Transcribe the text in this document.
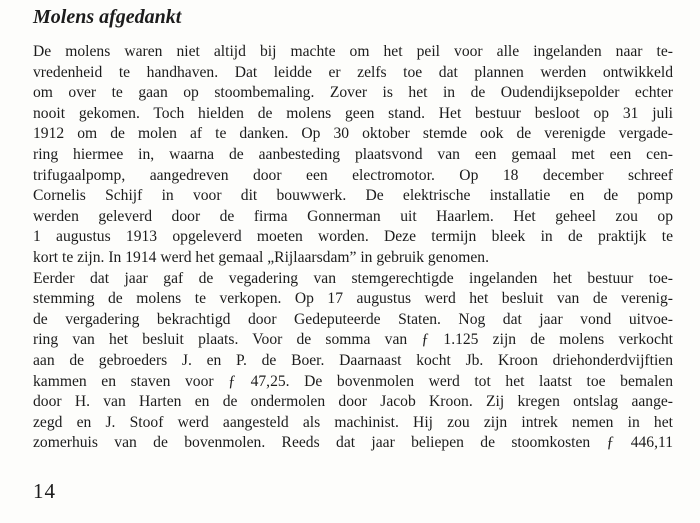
Molens afgedankt
De molens waren niet altijd bij machte om het peil voor alle ingelanden naar te-
vredenheid te handhaven. Dat leidde er zelfs toe dat plannen werden ontwikkeld
om over te gaan op stoombemaling. Zover is het in de Oudendijksepolder echter
nooit gekomen. Toch hielden de molens geen stand. Het bestuur besloot op 31 juli
1912 om de molen af te danken. Op 30 oktober stemde ook de verenigde vergade-
ring hiermee in, waarna de aanbesteding plaatsvond van een gemaal met een cen-
trifugaalpomp, aangedreven door een electromotor. Op 18 december schreef
Cornelis Schijf in voor dit bouwwerk. De elektrische installatie en de pomp
werden geleverd door de firma Gonnerman uit Haarlem. Het geheel zou op
1 augustus 1913 opgeleverd moeten worden. Deze termijn bleek in de praktijk te
kort te zijn. In 1914 werd het gemaal „Rijlaarsdam” in gebruik genomen.
Eerder dat jaar gaf de vegadering van stemgerechtigde ingelanden het bestuur toe-
stemming de molens te verkopen. Op 17 augustus werd het besluit van de verenig-
de vergadering bekrachtigd door Gedeputeerde Staten. Nog dat jaar vond uitvoe-
ring van het besluit plaats. Voor de somma van ƒ 1.125 zijn de molens verkocht
aan de gebroeders J. en P. de Boer. Daarnaast kocht Jb. Kroon driehonderdvijftien
kammen en staven voor ƒ 47,25. De bovenmolen werd tot het laatst toe bemalen
door H. van Harten en de ondermolen door Jacob Kroon. Zij kregen ontslag aange-
zegd en J. Stoof werd aangesteld als machinist. Hij zou zijn intrek nemen in het
zomerhuis van de bovenmolen. Reeds dat jaar beliepen de stoomkosten ƒ 446,11
14
